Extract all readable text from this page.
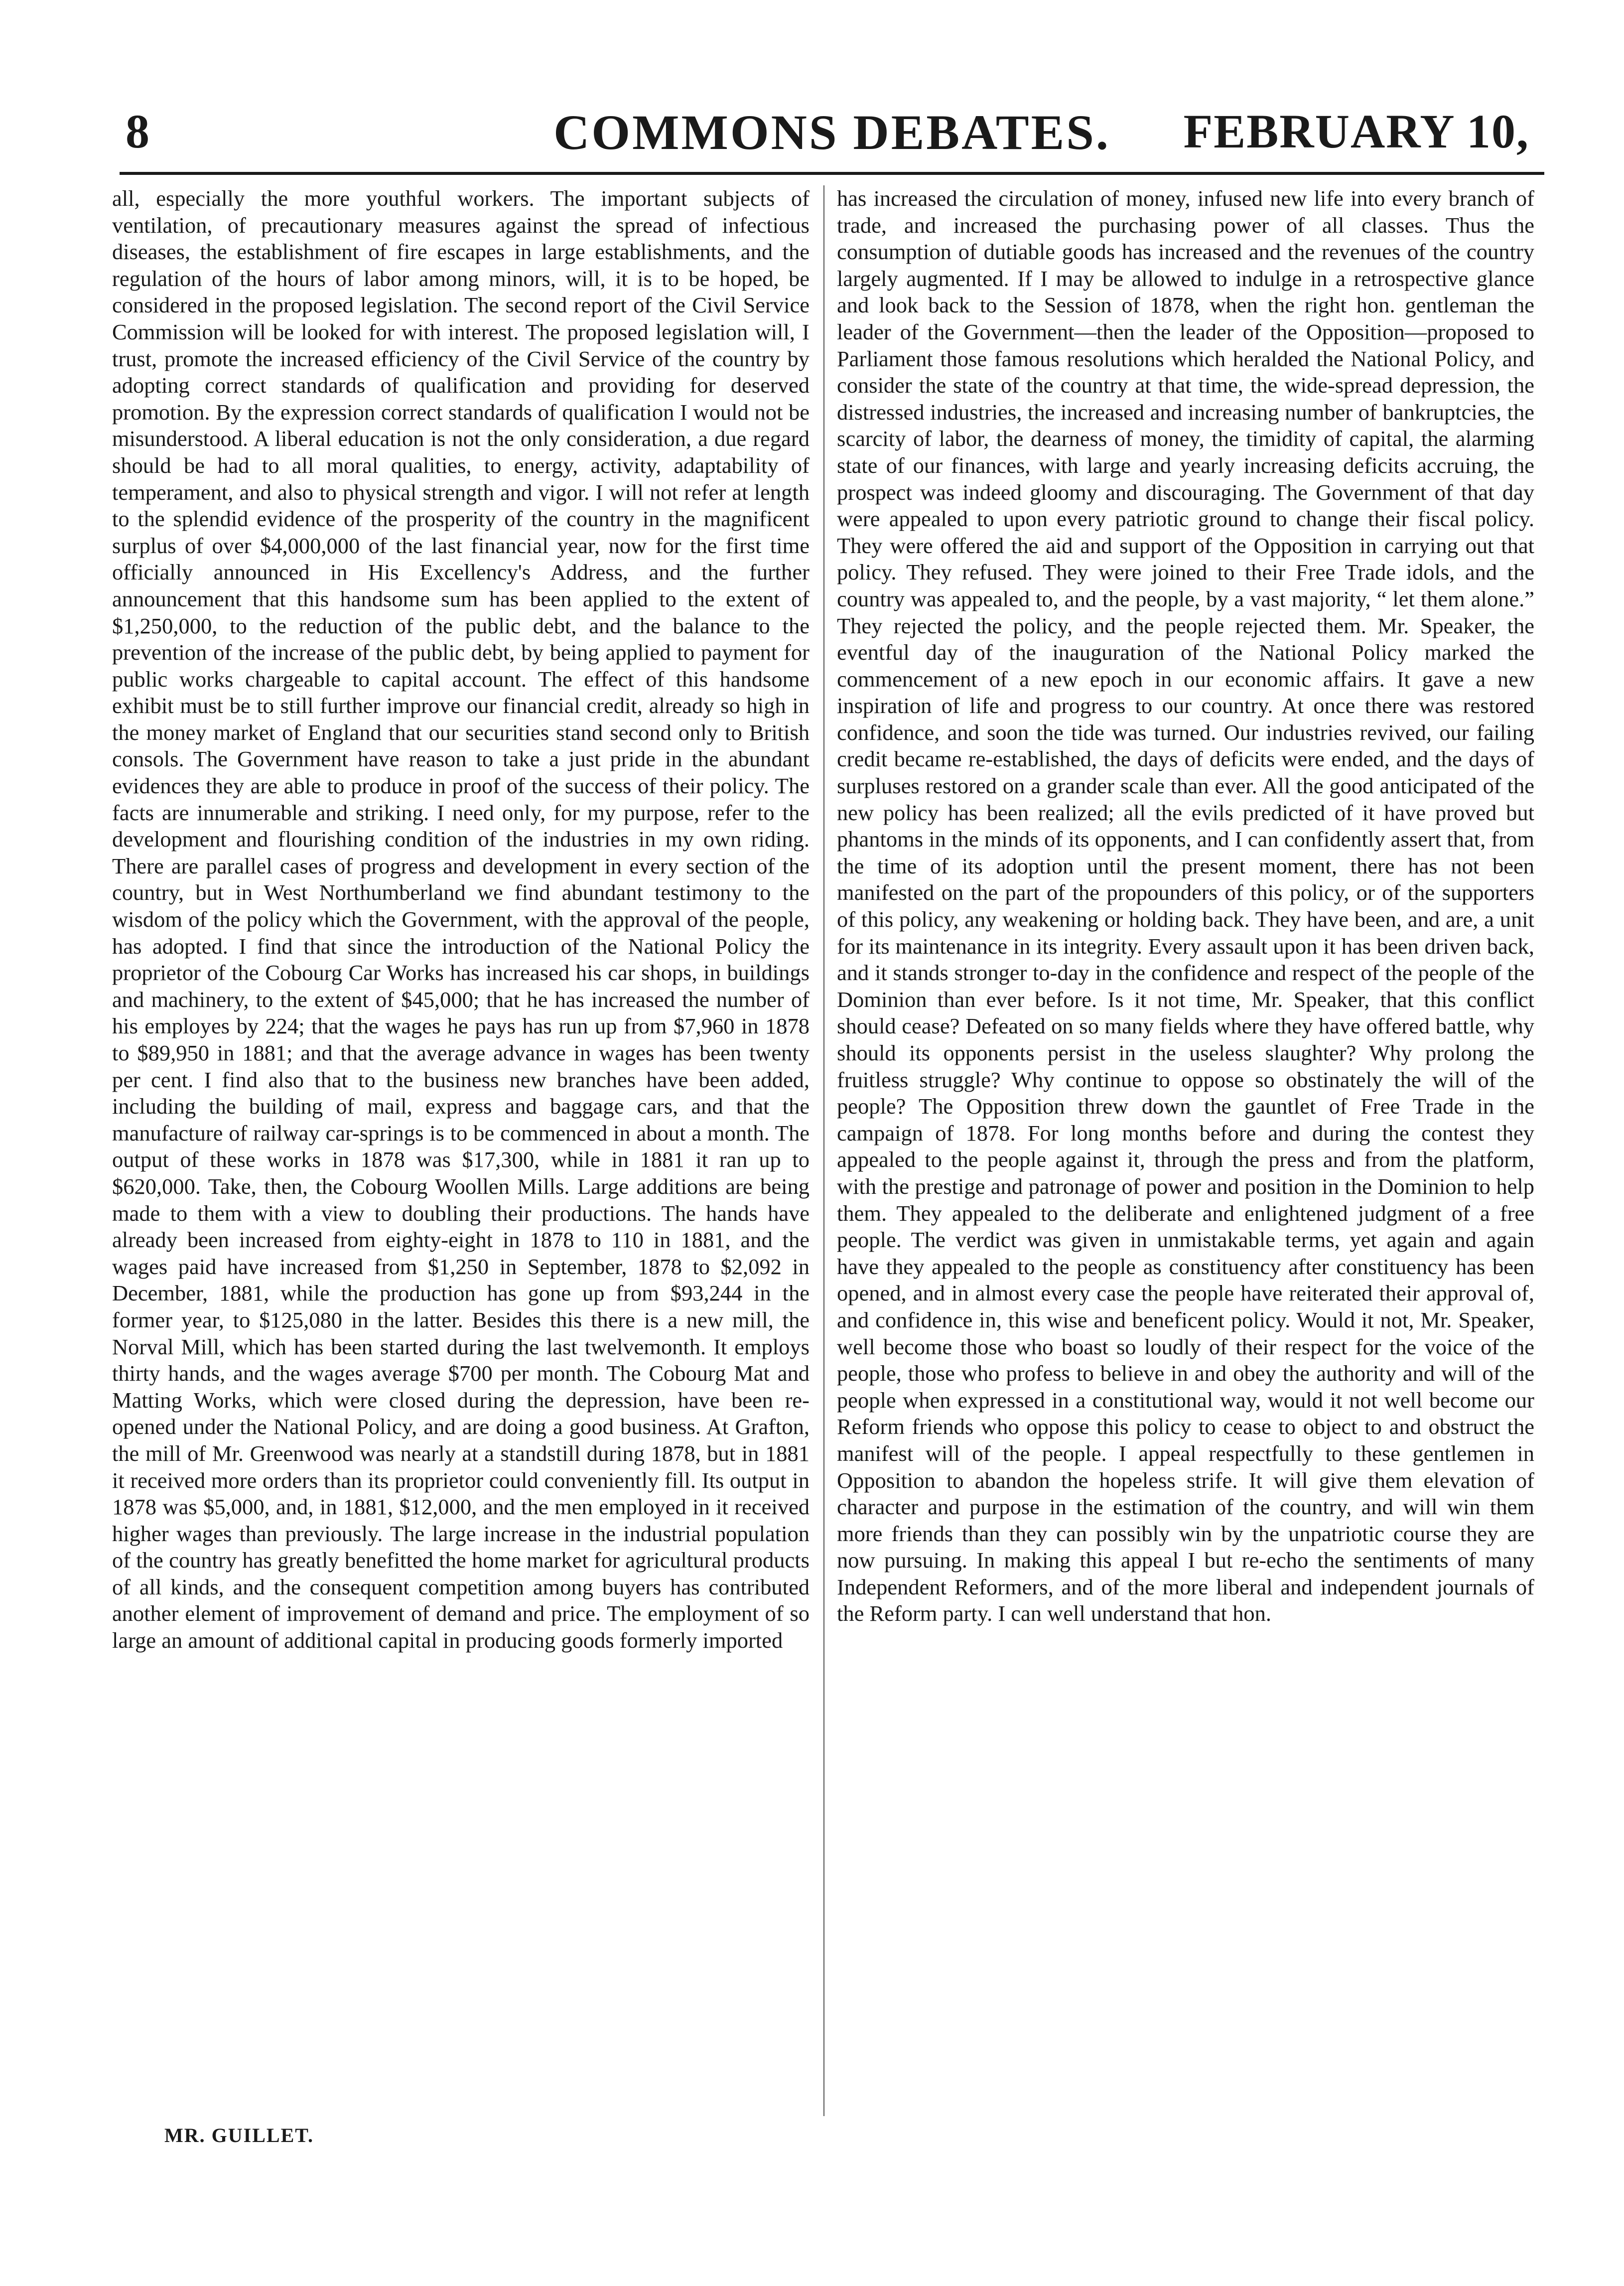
8	COMMONS DEBATES.	FEBRUARY 10,

all, especially the more youthful workers. The important subjects of ventilation, of precautionary measures against the spread of infectious diseases, the establishment of fire escapes in large establishments, and the regulation of the hours of labor among minors, will, it is to be hoped, be considered in the proposed legislation. The second report of the Civil Service Commission will be looked for with interest. The proposed legislation will, I trust, promote the increased efficiency of the Civil Service of the country by adopting correct standards of qualification and providing for deserved promotion. By the expression correct standards of qualification I would not be misunderstood. A liberal education is not the only consideration, a due regard should be had to all moral qualities, to energy, activity, adaptability of temperament, and also to physical strength and vigor. I will not refer at length to the splendid evidence of the prosperity of the country in the magnificent surplus of over $4,000,000 of the last financial year, now for the first time officially announced in His Excellency's Address, and the further announcement that this handsome sum has been applied to the extent of $1,250,000, to the reduction of the public debt, and the balance to the prevention of the increase of the public debt, by being applied to payment for public works chargeable to capital account. The effect of this handsome exhibit must be to still further improve our financial credit, already so high in the money market of England that our securities stand second only to British consols. The Government have reason to take a just pride in the abundant evidences they are able to produce in proof of the success of their policy. The facts are innumerable and striking. I need only, for my purpose, refer to the development and flourishing condition of the industries in my own riding. There are parallel cases of progress and development in every section of the country, but in West Northumberland we find abundant testimony to the wisdom of the policy which the Government, with the approval of the people, has adopted. I find that since the introduction of the National Policy the proprietor of the Cobourg Car Works has increased his car shops, in buildings and machinery, to the extent of $45,000; that he has increased the number of his employes by 224; that the wages he pays has run up from $7,960 in 1878 to $89,950 in 1881; and that the average advance in wages has been twenty per cent. I find also that to the business new branches have been added, including the building of mail, express and baggage cars, and that the manufacture of railway car-springs is to be commenced in about a month. The output of these works in 1878 was $17,300, while in 1881 it ran up to $620,000. Take, then, the Cobourg Woollen Mills. Large additions are being made to them with a view to doubling their productions. The hands have already been increased from eighty-eight in 1878 to 110 in 1881, and the wages paid have increased from $1,250 in September, 1878 to $2,092 in December, 1881, while the production has gone up from $93,244 in the former year, to $125,080 in the latter. Besides this there is a new mill, the Norval Mill, which has been started during the last twelvemonth. It employs thirty hands, and the wages average $700 per month. The Cobourg Mat and Matting Works, which were closed during the depression, have been re-opened under the National Policy, and are doing a good business. At Grafton, the mill of Mr. Greenwood was nearly at a standstill during 1878, but in 1881 it received more orders than its proprietor could conveniently fill. Its output in 1878 was $5,000, and, in 1881, $12,000, and the men employed in it received higher wages than previously. The large increase in the industrial population of the country has greatly benefitted the home market for agricultural products of all kinds, and the consequent competition among buyers has contributed another element of improvement of demand and price. The employment of so large an amount of additional capital in producing goods formerly imported

has increased the circulation of money, infused new life into every branch of trade, and increased the purchasing power of all classes. Thus the consumption of dutiable goods has increased and the revenues of the country largely augmented. If I may be allowed to indulge in a retrospective glance and look back to the Session of 1878, when the right hon. gentleman the leader of the Government—then the leader of the Opposition—proposed to Parliament those famous resolutions which heralded the National Policy, and consider the state of the country at that time, the wide-spread depression, the distressed industries, the increased and increasing number of bankruptcies, the scarcity of labor, the dearness of money, the timidity of capital, the alarming state of our finances, with large and yearly increasing deficits accruing, the prospect was indeed gloomy and discouraging. The Government of that day were appealed to upon every patriotic ground to change their fiscal policy. They were offered the aid and support of the Opposition in carrying out that policy. They refused. They were joined to their Free Trade idols, and the country was appealed to, and the people, by a vast majority, “ let them alone.” They rejected the policy, and the people rejected them. Mr. Speaker, the eventful day of the inauguration of the National Policy marked the commencement of a new epoch in our economic affairs. It gave a new inspiration of life and progress to our country. At once there was restored confidence, and soon the tide was turned. Our industries revived, our failing credit became re-established, the days of deficits were ended, and the days of surpluses restored on a grander scale than ever. All the good anticipated of the new policy has been realized; all the evils predicted of it have proved but phantoms in the minds of its opponents, and I can confidently assert that, from the time of its adoption until the present moment, there has not been manifested on the part of the propounders of this policy, or of the supporters of this policy, any weakening or holding back. They have been, and are, a unit for its maintenance in its integrity. Every assault upon it has been driven back, and it stands stronger to-day in the confidence and respect of the people of the Dominion than ever before. Is it not time, Mr. Speaker, that this conflict should cease? Defeated on so many fields where they have offered battle, why should its opponents persist in the useless slaughter? Why prolong the fruitless struggle? Why continue to oppose so obstinately the will of the people? The Opposition threw down the gauntlet of Free Trade in the campaign of 1878. For long months before and during the contest they appealed to the people against it, through the press and from the platform, with the prestige and patronage of power and position in the Dominion to help them. They appealed to the deliberate and enlightened judgment of a free people. The verdict was given in unmistakable terms, yet again and again have they appealed to the people as constituency after constituency has been opened, and in almost every case the people have reiterated their approval of, and confidence in, this wise and beneficent policy. Would it not, Mr. Speaker, well become those who boast so loudly of their respect for the voice of the people, those who profess to believe in and obey the authority and will of the people when expressed in a constitutional way, would it not well become our Reform friends who oppose this policy to cease to object to and obstruct the manifest will of the people. I appeal respectfully to these gentlemen in Opposition to abandon the hopeless strife. It will give them elevation of character and purpose in the estimation of the country, and will win them more friends than they can possibly win by the unpatriotic course they are now pursuing. In making this appeal I but re-echo the sentiments of many Independent Reformers, and of the more liberal and independent journals of the Reform party. I can well understand that hon.

MR. GUILLET.
